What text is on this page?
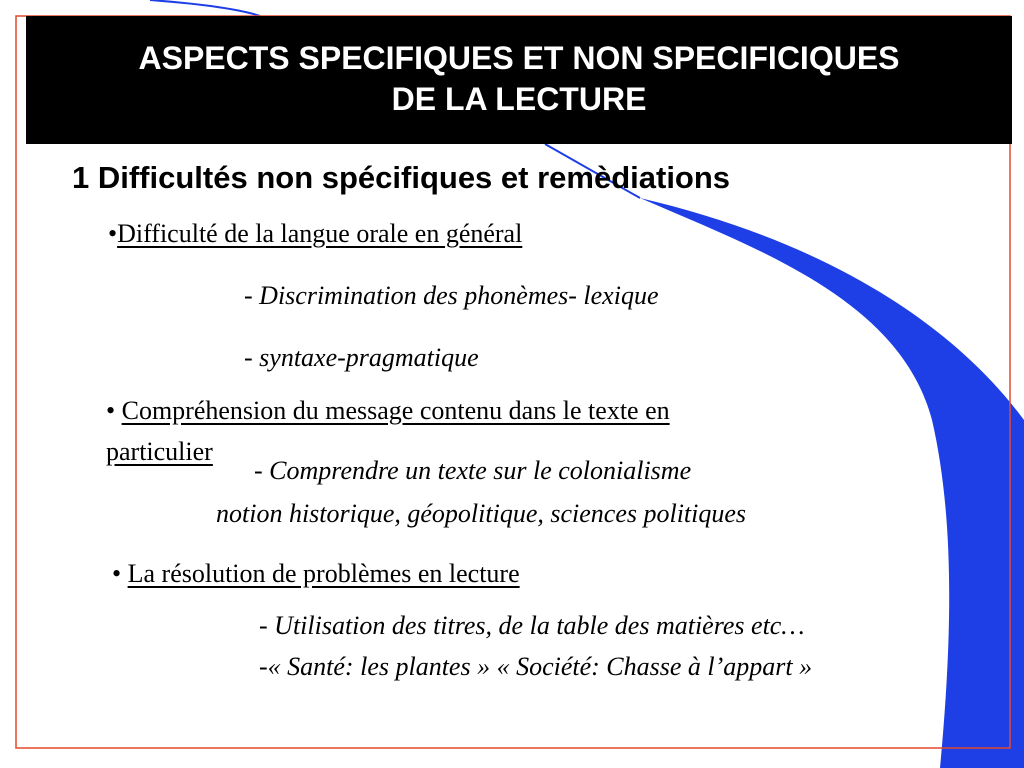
ASPECTS SPECIFIQUES ET NON SPECIFICIQUES
DE LA LECTURE
1 Difficultés non spécifiques et remèdiations
•Difficulté de la langue orale en général
- Discrimination des phonèmes- lexique
- syntaxe-pragmatique
• Compréhension du message contenu dans le texte en
particulier
- Comprendre un texte sur le colonialisme
notion historique, géopolitique, sciences politiques
• La résolution de problèmes en lecture
- Utilisation des titres, de la table des matières etc…
-« Santé: les plantes » « Société: Chasse à l’appart »
